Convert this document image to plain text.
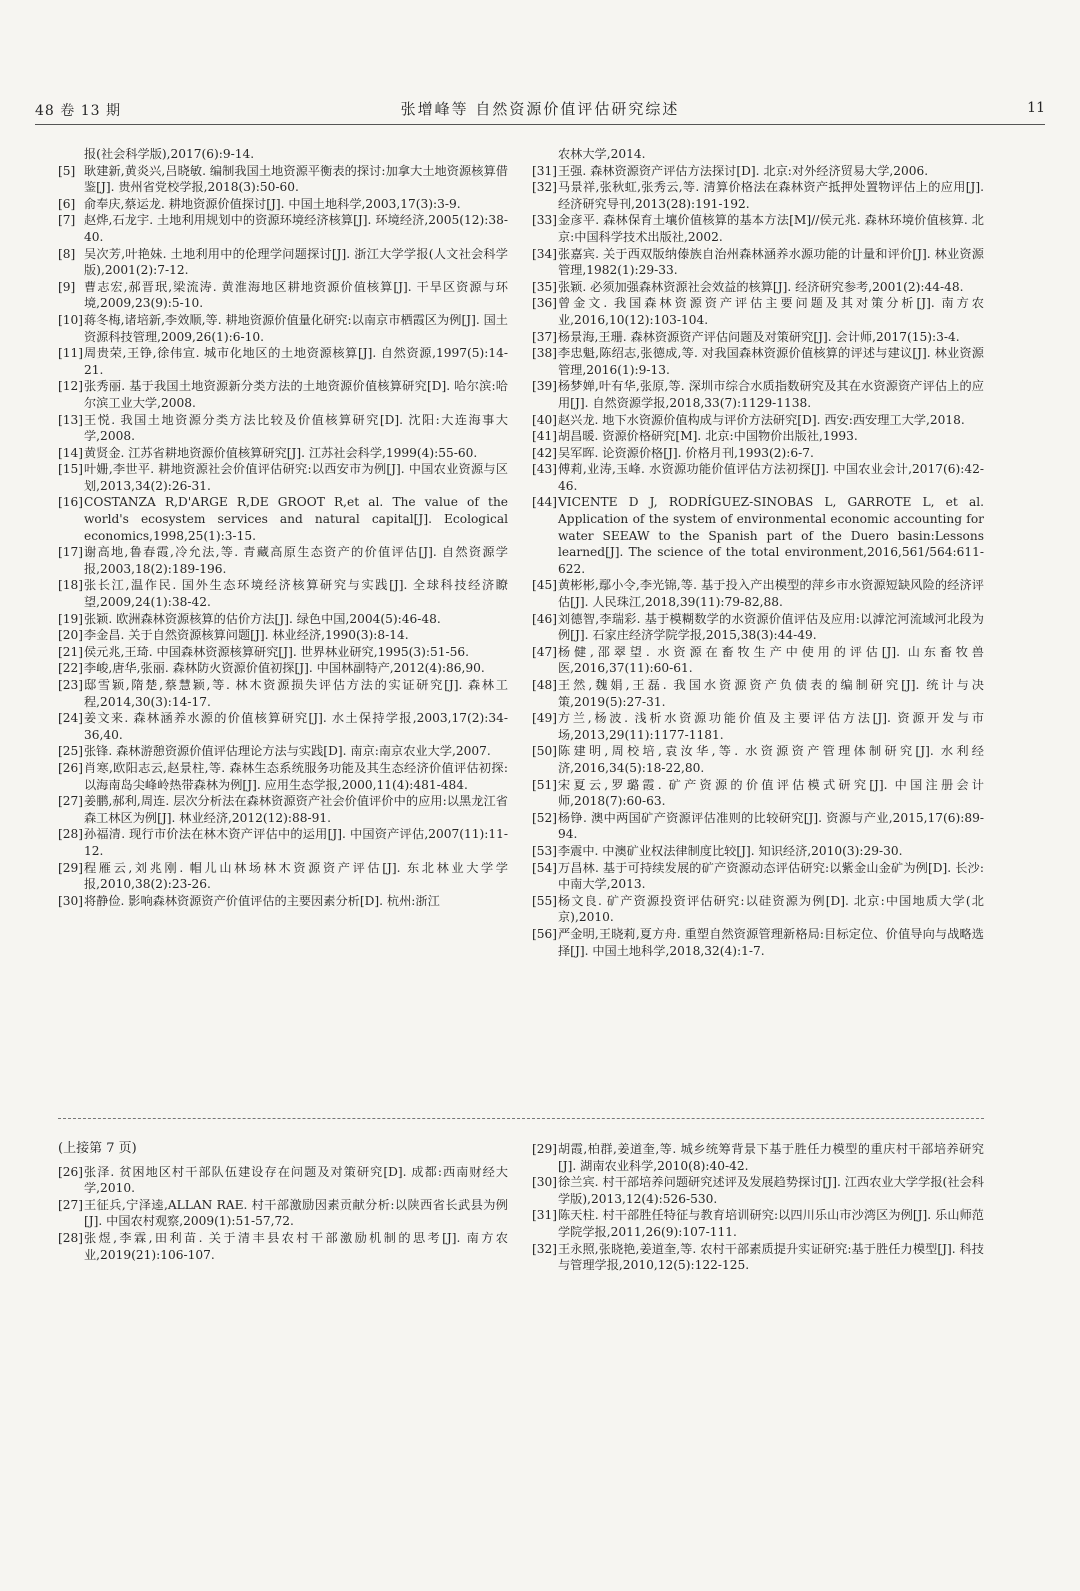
48 卷 13 期	张增峰等 自然资源价值评估研究综述	11
报(社会科学版),2017(6):9-14.
[5] 耿建新,黄炎兴,吕晓敏. 编制我国土地资源平衡表的探讨:加拿大土地资源核算借鉴[J]. 贵州省党校学报,2018(3):50-60.
[6] 俞奉庆,蔡运龙. 耕地资源价值探讨[J]. 中国土地科学,2003,17(3):3-9.
[7] 赵烨,石龙宇. 土地利用规划中的资源环境经济核算[J]. 环境经济,2005(12):38-40.
[8] 吴次芳,叶艳妹. 土地利用中的伦理学问题探讨[J]. 浙江大学学报(人文社会科学版),2001(2):7-12.
[9] 曹志宏,郝晋珉,梁流涛. 黄淮海地区耕地资源价值核算[J]. 干旱区资源与环境,2009,23(9):5-10.
[10] 蒋冬梅,诸培新,李效顺,等. 耕地资源价值量化研究:以南京市栖霞区为例[J]. 国土资源科技管理,2009,26(1):6-10.
[11] 周贵荣,王铮,徐伟宣. 城市化地区的土地资源核算[J]. 自然资源,1997(5):14-21.
[12] 张秀丽. 基于我国土地资源新分类方法的土地资源价值核算研究[D]. 哈尔滨:哈尔滨工业大学,2008.
[13] 王悦. 我国土地资源分类方法比较及价值核算研究[D]. 沈阳:大连海事大学,2008.
[14] 黄贤金. 江苏省耕地资源价值核算研究[J]. 江苏社会科学,1999(4):55-60.
[15] 叶姗,李世平. 耕地资源社会价值评估研究:以西安市为例[J]. 中国农业资源与区划,2013,34(2):26-31.
[16] COSTANZA R,D'ARGE R,DE GROOT R,et al. The value of the world's ecosystem services and natural capital[J]. Ecological economics,1998,25(1):3-15.
[17] 谢高地,鲁春霞,冷允法,等. 青藏高原生态资产的价值评估[J]. 自然资源学报,2003,18(2):189-196.
[18] 张长江,温作民. 国外生态环境经济核算研究与实践[J]. 全球科技经济瞭望,2009,24(1):38-42.
[19] 张颖. 欧洲森林资源核算的估价方法[J]. 绿色中国,2004(5):46-48.
[20] 李金昌. 关于自然资源核算问题[J]. 林业经济,1990(3):8-14.
[21] 侯元兆,王琦. 中国森林资源核算研究[J]. 世界林业研究,1995(3):51-56.
[22] 李峻,唐华,张丽. 森林防火资源价值初探[J]. 中国林副特产,2012(4):86,90.
[23] 邸雪颖,隋楚,蔡慧颖,等. 林木资源损失评估方法的实证研究[J]. 森林工程,2014,30(3):14-17.
[24] 姜文来. 森林涵养水源的价值核算研究[J]. 水土保持学报,2003,17(2):34-36,40.
[25] 张锋. 森林游憩资源价值评估理论方法与实践[D]. 南京:南京农业大学,2007.
[26] 肖寒,欧阳志云,赵景柱,等. 森林生态系统服务功能及其生态经济价值评估初探:以海南岛尖峰岭热带森林为例[J]. 应用生态学报,2000,11(4):481-484.
[27] 姜鹏,郝利,周连. 层次分析法在森林资源资产社会价值评价中的应用:以黑龙江省森工林区为例[J]. 林业经济,2012(12):88-91.
[28] 孙福清. 现行市价法在林木资产评估中的运用[J]. 中国资产评估,2007(11):11-12.
[29] 程雁云,刘兆刚. 帽儿山林场林木资源资产评估[J]. 东北林业大学学报,2010,38(2):23-26.
[30] 将静俭. 影响森林资源资产价值评估的主要因素分析[D]. 杭州:浙江
农林大学,2014.
[31] 王强. 森林资源资产评估方法探讨[D]. 北京:对外经济贸易大学,2006.
[32] 马景祥,张秋虹,张秀云,等. 清算价格法在森林资产抵押处置物评估上的应用[J]. 经济研究导刊,2013(28):191-192.
[33] 金彦平. 森林保育土壤价值核算的基本方法[M]//侯元兆. 森林环境价值核算. 北京:中国科学技术出版社,2002.
[34] 张嘉宾. 关于西双版纳傣族自治州森林涵养水源功能的计量和评价[J]. 林业资源管理,1982(1):29-33.
[35] 张颖. 必须加强森林资源社会效益的核算[J]. 经济研究参考,2001(2):44-48.
[36] 曾金文. 我国森林资源资产评估主要问题及其对策分析[J]. 南方农业,2016,10(12):103-104.
[37] 杨景海,王珊. 森林资源资产评估问题及对策研究[J]. 会计师,2017(15):3-4.
[38] 李忠魁,陈绍志,张德成,等. 对我国森林资源价值核算的评述与建议[J]. 林业资源管理,2016(1):9-13.
[39] 杨梦婵,叶有华,张原,等. 深圳市综合水质指数研究及其在水资源资产评估上的应用[J]. 自然资源学报,2018,33(7):1129-1138.
[40] 赵兴龙. 地下水资源价值构成与评价方法研究[D]. 西安:西安理工大学,2018.
[41] 胡昌暖. 资源价格研究[M]. 北京:中国物价出版社,1993.
[42] 吴军晖. 论资源价格[J]. 价格月刊,1993(2):6-7.
[43] 傅莉,业涛,玉峰. 水资源功能价值评估方法初探[J]. 中国农业会计,2017(6):42-46.
[44] VICENTE D J, RODRÍGUEZ-SINOBAS L, GARROTE L, et al. Application of the system of environmental economic accounting for water SEEAW to the Spanish part of the Duero basin:Lessons learned[J]. The science of the total environment,2016,561/564:611-622.
[45] 黄彬彬,鄢小令,李光锦,等. 基于投入产出模型的萍乡市水资源短缺风险的经济评估[J]. 人民珠江,2018,39(11):79-82,88.
[46] 刘德智,李瑞彩. 基于模糊数学的水资源价值评估及应用:以滹沱河流域河北段为例[J]. 石家庄经济学院学报,2015,38(3):44-49.
[47] 杨健,邵翠望. 水资源在畜牧生产中使用的评估[J]. 山东畜牧兽医,2016,37(11):60-61.
[48] 王然,魏娟,王磊. 我国水资源资产负债表的编制研究[J]. 统计与决策,2019(5):27-31.
[49] 方兰,杨波. 浅析水资源功能价值及主要评估方法[J]. 资源开发与市场,2013,29(11):1177-1181.
[50] 陈建明,周校培,袁汝华,等. 水资源资产管理体制研究[J]. 水利经济,2016,34(5):18-22,80.
[51] 宋夏云,罗璐霞. 矿产资源的价值评估模式研究[J]. 中国注册会计师,2018(7):60-63.
[52] 杨铮. 澳中两国矿产资源评估准则的比较研究[J]. 资源与产业,2015,17(6):89-94.
[53] 李震中. 中澳矿业权法律制度比较[J]. 知识经济,2010(3):29-30.
[54] 万昌林. 基于可持续发展的矿产资源动态评估研究:以紫金山金矿为例[D]. 长沙:中南大学,2013.
[55] 杨文良. 矿产资源投资评估研究:以硅资源为例[D]. 北京:中国地质大学(北京),2010.
[56] 严金明,王晓莉,夏方舟. 重塑自然资源管理新格局:目标定位、价值导向与战略选择[J]. 中国土地科学,2018,32(4):1-7.
(上接第 7 页)
[26] 张泽. 贫困地区村干部队伍建设存在问题及对策研究[D]. 成都:西南财经大学,2010.
[27] 王征兵,宁泽逵,ALLAN RAE. 村干部激励因素贡献分析:以陕西省长武县为例[J]. 中国农村观察,2009(1):51-57,72.
[28] 张煜,李霖,田利苗. 关于清丰县农村干部激励机制的思考[J]. 南方农业,2019(21):106-107.
[29] 胡霞,柏群,姜道奎,等. 城乡统筹背景下基于胜任力模型的重庆村干部培养研究[J]. 湖南农业科学,2010(8):40-42.
[30] 徐兰宾. 村干部培养问题研究述评及发展趋势探讨[J]. 江西农业大学学报(社会科学版),2013,12(4):526-530.
[31] 陈天柱. 村干部胜任特征与教育培训研究:以四川乐山市沙湾区为例[J]. 乐山师范学院学报,2011,26(9):107-111.
[32] 王永照,张晓艳,姜道奎,等. 农村干部素质提升实证研究:基于胜任力模型[J]. 科技与管理学报,2010,12(5):122-125.
